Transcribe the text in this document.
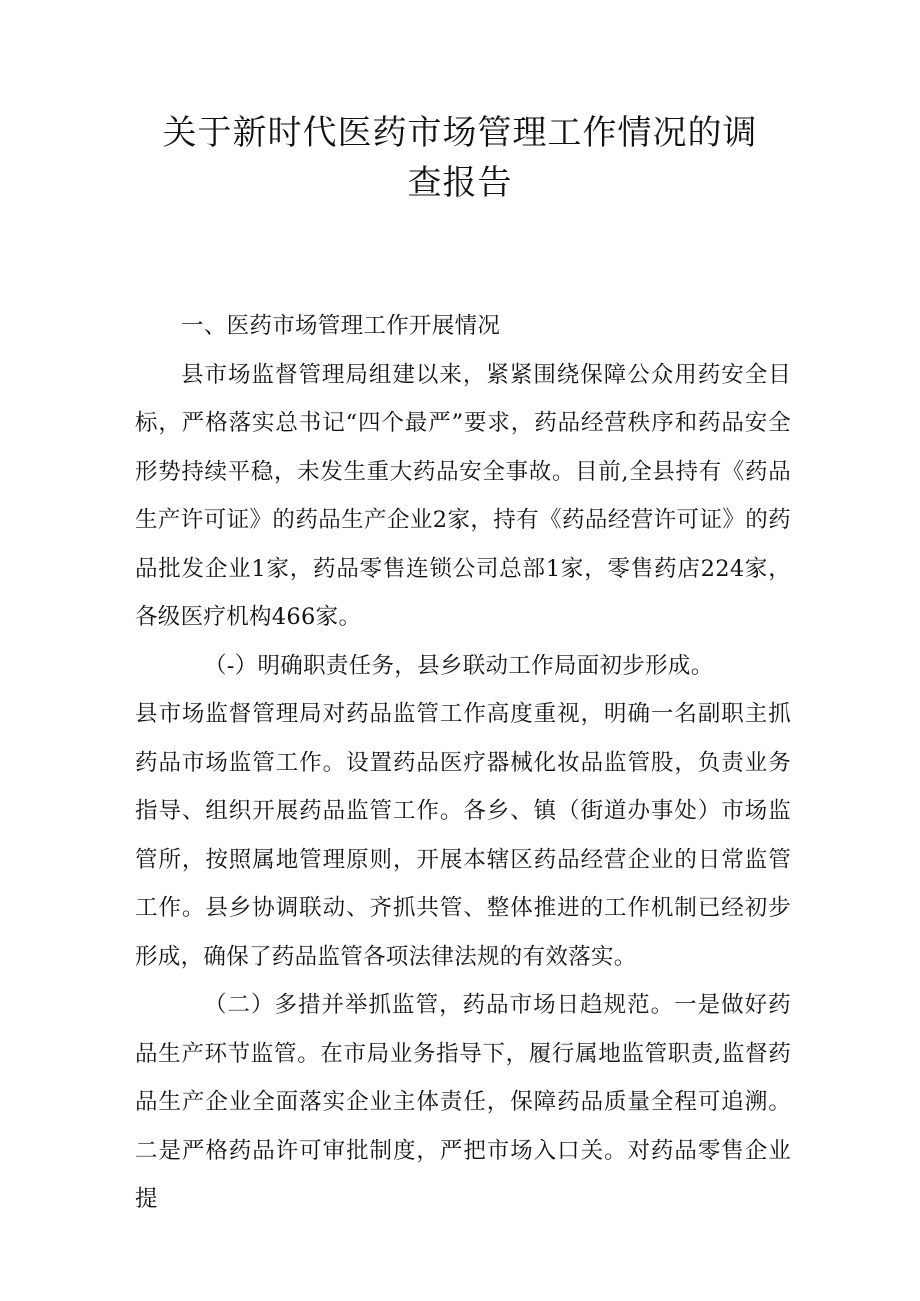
关于新时代医药市场管理工作情况的调查报告

一、医药市场管理工作开展情况

县市场监督管理局组建以来，紧紧围绕保障公众用药安全目标，严格落实总书记“四个最严”要求，药品经营秩序和药品安全形势持续平稳，未发生重大药品安全事故。目前,全县持有《药品生产许可证》的药品生产企业2家，持有《药品经营许可证》的药品批发企业1家，药品零售连锁公司总部1家，零售药店224家，各级医疗机构466家。

（-）明确职责任务，县乡联动工作局面初步形成。

县市场监督管理局对药品监管工作高度重视，明确一名副职主抓药品市场监管工作。设置药品医疗器械化妆品监管股，负责业务指导、组织开展药品监管工作。各乡、镇（街道办事处）市场监管所，按照属地管理原则，开展本辖区药品经营企业的日常监管工作。县乡协调联动、齐抓共管、整体推进的工作机制已经初步形成，确保了药品监管各项法律法规的有效落实。

（二）多措并举抓监管，药品市场日趋规范。一是做好药品生产环节监管。在市局业务指导下，履行属地监管职责,监督药品生产企业全面落实企业主体责任，保障药品质量全程可追溯。二是严格药品许可审批制度，严把市场入口关。对药品零售企业提
